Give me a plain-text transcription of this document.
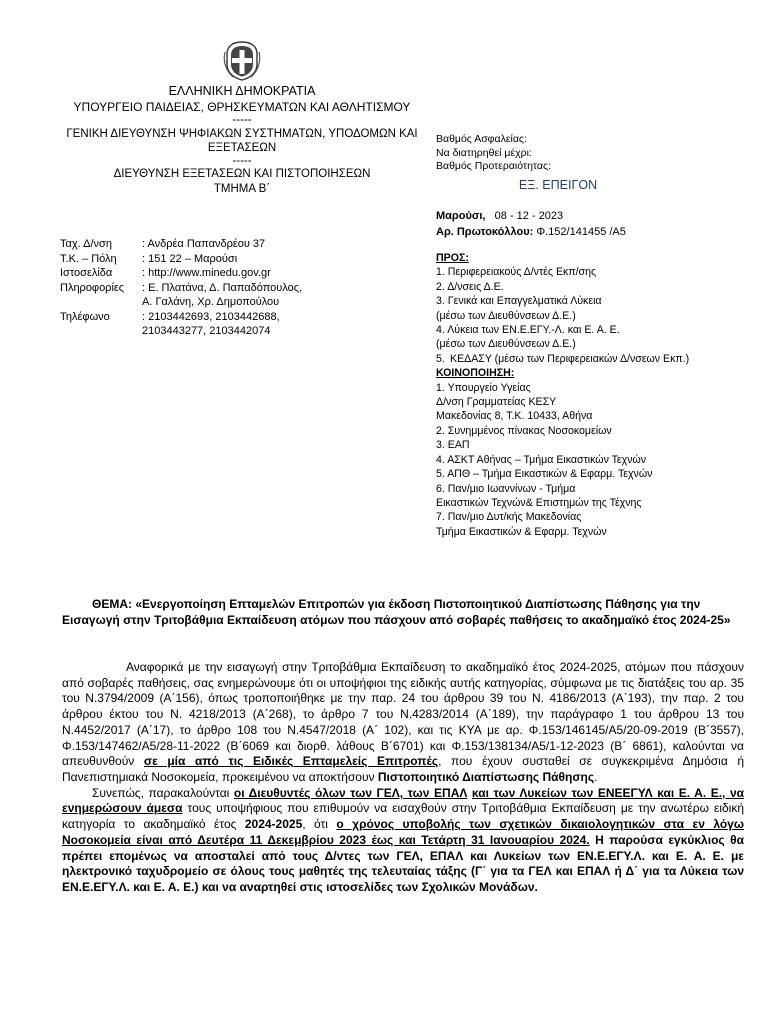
ΕΛΛΗΝΙΚΗ ΔΗΜΟΚΡΑΤΙΑ
ΥΠΟΥΡΓΕΙΟ ΠΑΙΔΕΙΑΣ, ΘΡΗΣΚΕΥΜΑΤΩΝ ΚΑΙ ΑΘΛΗΤΙΣΜΟΥ
-----
ΓΕΝΙΚΗ ΔΙΕΥΘΥΝΣΗ ΨΗΦΙΑΚΩΝ ΣΥΣΤΗΜΑΤΩΝ, ΥΠΟΔΟΜΩΝ ΚΑΙ
ΕΞΕΤΑΣΕΩΝ
-----
ΔΙΕΥΘΥΝΣΗ ΕΞΕΤΑΣΕΩΝ ΚΑΙ ΠΙΣΤΟΠΟΙΗΣΕΩΝ
ΤΜΗΜΑ Β΄
Βαθμός Ασφαλείας:
Να διατηρηθεί μέχρι:
Βαθμός Προτεραιότητας:
ΕΞ. ΕΠΕΙΓΟΝ
Μαρούσι, 08 - 12 - 2023
Αρ. Πρωτοκόλλου: Φ.152/141455 /Α5
Ταχ. Δ/νση	: Ανδρέα Παπανδρέου 37
Τ.Κ. – Πόλη	: 151 22 – Μαρούσι
Ιστοσελίδα	: http://www.minedu.gov.gr
Πληροφορίες	: Ε. Πλατάνα, Δ. Παπαδόπουλος,
Α. Γαλάνη, Χρ. Δημοπούλου
Τηλέφωνο	: 2103442693, 2103442688,
2103443277, 2103442074
ΠΡΟΣ:
1. Περιφερειακούς Δ/ντές Εκπ/σης
2. Δ/νσεις Δ.Ε.
3. Γενικά και Επαγγελματικά Λύκεια
(μέσω των Διευθύνσεων Δ.Ε.)
4. Λύκεια των ΕΝ.Ε.ΕΓΥ.-Λ. και Ε. Α. Ε.
(μέσω των Διευθύνσεων Δ.Ε.)
5. ΚΕΔΑΣΥ (μέσω των Περιφερειακών Δ/νσεων Εκπ.)
ΚΟΙΝΟΠΟΙΗΣΗ:
1. Υπουργείο Υγείας
Δ/νση Γραμματείας ΚΕΣΥ
Μακεδονίας 8, Τ.Κ. 10433, Αθήνα
2. Συνημμένος πίνακας Νοσοκομείων
3. ΕΑΠ
4. ΑΣΚΤ Αθήνας – Τμήμα Εικαστικών Τεχνών
5. ΑΠΘ – Τμήμα Εικαστικών & Εφαρμ. Τεχνών
6. Παν/μιο Ιωαννίνων - Τμήμα
Εικαστικών Τεχνών& Επιστημών της Τέχνης
7. Παν/μιο Δυτ/κής Μακεδονίας
Τμήμα Εικαστικών & Εφαρμ. Τεχνών
ΘΕΜΑ: «Ενεργοποίηση Επταμελών Επιτροπών για έκδοση Πιστοποιητικού Διαπίστωσης Πάθησης για την Εισαγωγή στην Τριτοβάθμια Εκπαίδευση ατόμων που πάσχουν από σοβαρές παθήσεις το ακαδημαϊκό έτος 2024-25»

Αναφορικά με την εισαγωγή στην Τριτοβάθμια Εκπαίδευση το ακαδημαϊκό έτος 2024-2025, ατόμων που πάσχουν από σοβαρές παθήσεις, σας ενημερώνουμε ότι οι υποψήφιοι της ειδικής αυτής κατηγορίας, σύμφωνα με τις διατάξεις του αρ. 35 του Ν.3794/2009 (Α΄156), όπως τροποποιήθηκε με την παρ. 24 του άρθρου 39 του Ν. 4186/2013 (Α΄193), την παρ. 2 του άρθρου έκτου του Ν. 4218/2013 (Α΄268), το άρθρο 7 του Ν.4283/2014 (Α΄189), την παράγραφο 1 του άρθρου 13 του Ν.4452/2017 (Α΄17), το άρθρο 108 του Ν.4547/2018 (Α΄ 102), και τις ΚΥΑ με αρ. Φ.153/146145/Α5/20-09-2019 (Β΄3557), Φ.153/147462/Α5/28-11-2022 (Β΄6069 και διορθ. λάθους Β΄6701) και Φ.153/138134/Α5/1-12-2023 (Β΄ 6861), καλούνται να απευθυνθούν σε μία από τις Ειδικές Επταμελείς Επιτροπές, που έχουν συσταθεί σε συγκεκριμένα Δημόσια ή Πανεπιστημιακά Νοσοκομεία, προκειμένου να αποκτήσουν Πιστοποιητικό Διαπίστωσης Πάθησης.

Συνεπώς, παρακαλούνται οι Διευθυντές όλων των ΓΕΛ, των ΕΠΑΛ και των Λυκείων των ΕΝΕΕΓΥΛ και Ε. Α. Ε., να ενημερώσουν άμεσα τους υποψήφιους που επιθυμούν να εισαχθούν στην Τριτοβάθμια Εκπαίδευση με την ανωτέρω ειδική κατηγορία το ακαδημαϊκό έτος 2024-2025, ότι ο χρόνος υποβολής των σχετικών δικαιολογητικών στα εν λόγω Νοσοκομεία είναι από Δευτέρα 11 Δεκεμβρίου 2023 έως και Τετάρτη 31 Ιανουαρίου 2024. Η παρούσα εγκύκλιος θα πρέπει επομένως να αποσταλεί από τους Δ/ντες των ΓΕΛ, ΕΠΑΛ και Λυκείων των ΕΝ.Ε.ΕΓΥ.Λ. και Ε. Α. Ε. με ηλεκτρονικό ταχυδρομείο σε όλους τους μαθητές της τελευταίας τάξης (Γ΄ για τα ΓΕΛ και ΕΠΑΛ ή Δ΄ για τα Λύκεια των ΕΝ.Ε.ΕΓΥ.Λ. και Ε. Α. Ε.) και να αναρτηθεί στις ιστοσελίδες των Σχολικών Μονάδων.
